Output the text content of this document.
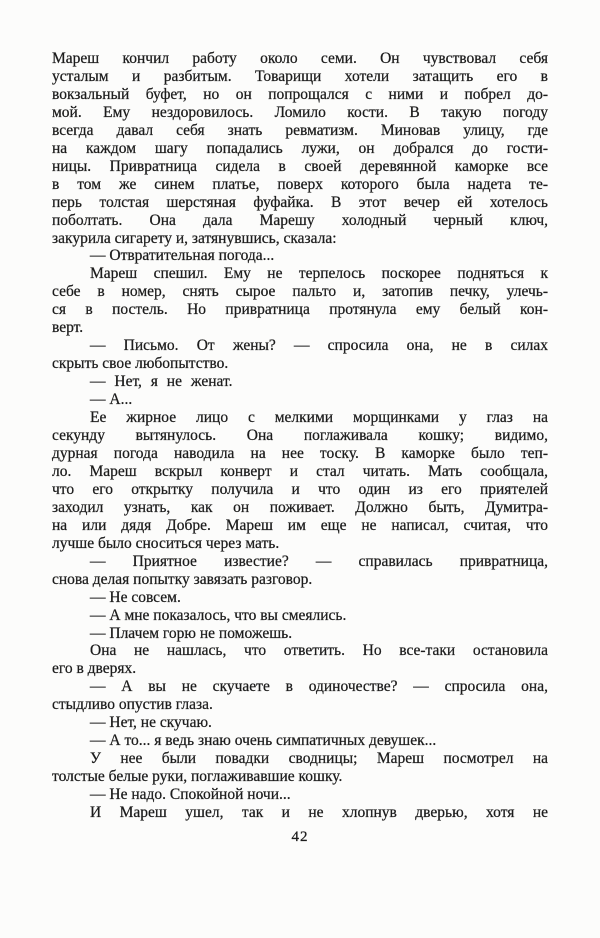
Мареш кончил работу около семи. Он чувствовал себя
усталым и разбитым. Товарищи хотели затащить его в
вокзальный буфет, но он попрощался с ними и побрел до-
мой. Ему нездоровилось. Ломило кости. В такую погоду
всегда давал себя знать ревматизм. Миновав улицу, где
на каждом шагу попадались лужи, он добрался до гости-
ницы. Привратница сидела в своей деревянной каморке все
в том же синем платье, поверх которого была надета те-
перь толстая шерстяная фуфайка. В этот вечер ей хотелось
поболтать. Она дала Марешу холодный черный ключ,
закурила сигарету и, затянувшись, сказала:
— Отвратительная погода...
Мареш спешил. Ему не терпелось поскорее подняться к
себе в номер, снять сырое пальто и, затопив печку, улечь-
ся в постель. Но привратница протянула ему белый кон-
верт.
— Письмо. От жены? — спросила она, не в силах
скрыть свое любопытство.
— Нет, я не женат.
— А...
Ее жирное лицо с мелкими морщинками у глаз на
секунду вытянулось. Она поглаживала кошку; видимо,
дурная погода наводила на нее тоску. В каморке было теп-
ло. Мареш вскрыл конверт и стал читать. Мать сообщала,
что его открытку получила и что один из его приятелей
заходил узнать, как он поживает. Должно быть, Думитра-
на или дядя Добре. Мареш им еще не написал, считая, что
лучше было сноситься через мать.
— Приятное известие? — справилась привратница,
снова делая попытку завязать разговор.
— Не совсем.
— А мне показалось, что вы смеялись.
— Плачем горю не поможешь.
Она не нашлась, что ответить. Но все-таки остановила
его в дверях.
— А вы не скучаете в одиночестве? — спросила она,
стыдливо опустив глаза.
— Нет, не скучаю.
— А то... я ведь знаю очень симпатичных девушек...
У нее были повадки сводницы; Мареш посмотрел на
толстые белые руки, поглаживавшие кошку.
— Не надо. Спокойной ночи...
И Мареш ушел, так и не хлопнув дверью, хотя не
42
